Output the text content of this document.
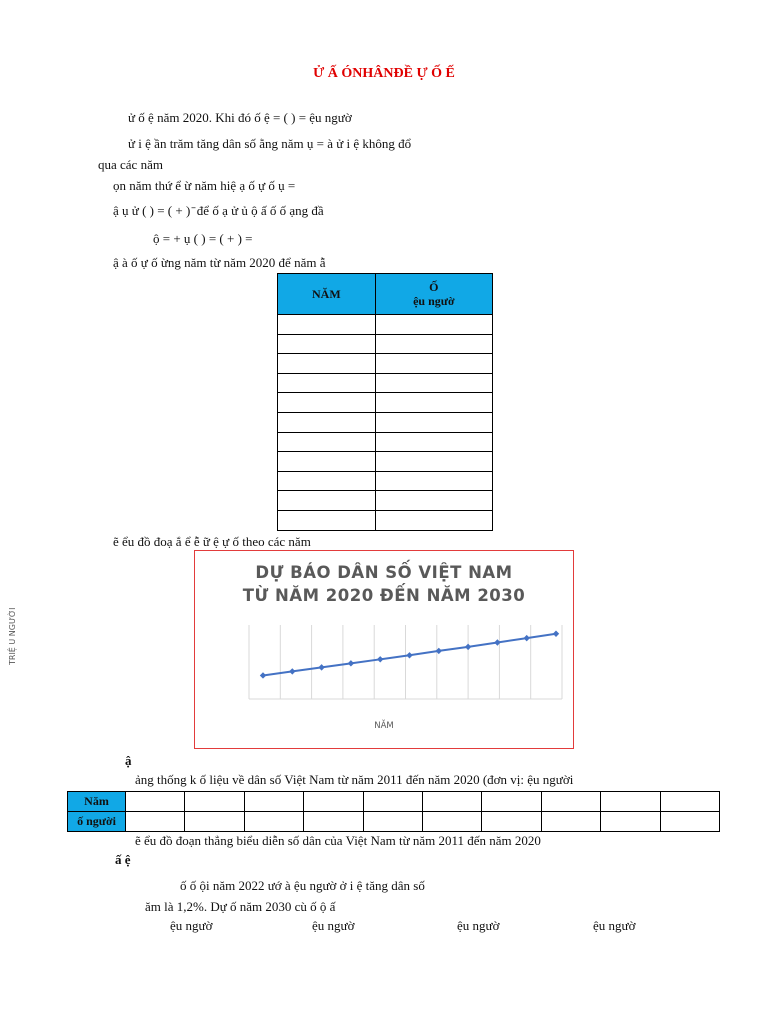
Ử Ấ ÓNHÂNĐỀ Ự Ố Ế
ử ố ệ năm 2020. Khi đó ố ệ = ( ) = ệu ngườ
ử i ệ ần trăm tăng dân số ằng năm ụ = à ử i ệ không đổ
qua các năm
ọn năm thứ ể ừ năm hiệ ạ ố ự ố ụ =
ậ ụ ử ( ) = ( + ) ̄ để ố ạ ử ủ ộ ấ ố ố ạng đầ
ộ = + ụ ( ) = ( + ) =
ậ à ố ự ố ừng năm từ năm 2020 để năm ẫ
NĂM	Ố
ệu ngườ

ẽ ểu đồ đoạ ắ ể ễ ữ ệ ự ố theo các năm
DỰ BÁO DÂN SỐ VIỆT NAM
TỪ NĂM 2020 ĐẾN NĂM 2030
NĂM
TRIỆ U NGƯỜI
ậ
ảng thống k ố liệu về dân số Việt Nam từ năm 2011 đến năm 2020 (đơn vị: ệu người
Năm										
ố người										
ẽ ểu đồ đoạn thẳng biểu diễn số dân của Việt Nam từ năm 2011 đến năm 2020
ấ ệ
ố ố ội năm 2022 ướ à ệu ngườ ở i ệ tăng dân số
ăm là 1,2%. Dự ố năm 2030 cù ố ộ ấ
ệu ngườ	ệu ngườ	ệu ngườ	ệu ngườ
